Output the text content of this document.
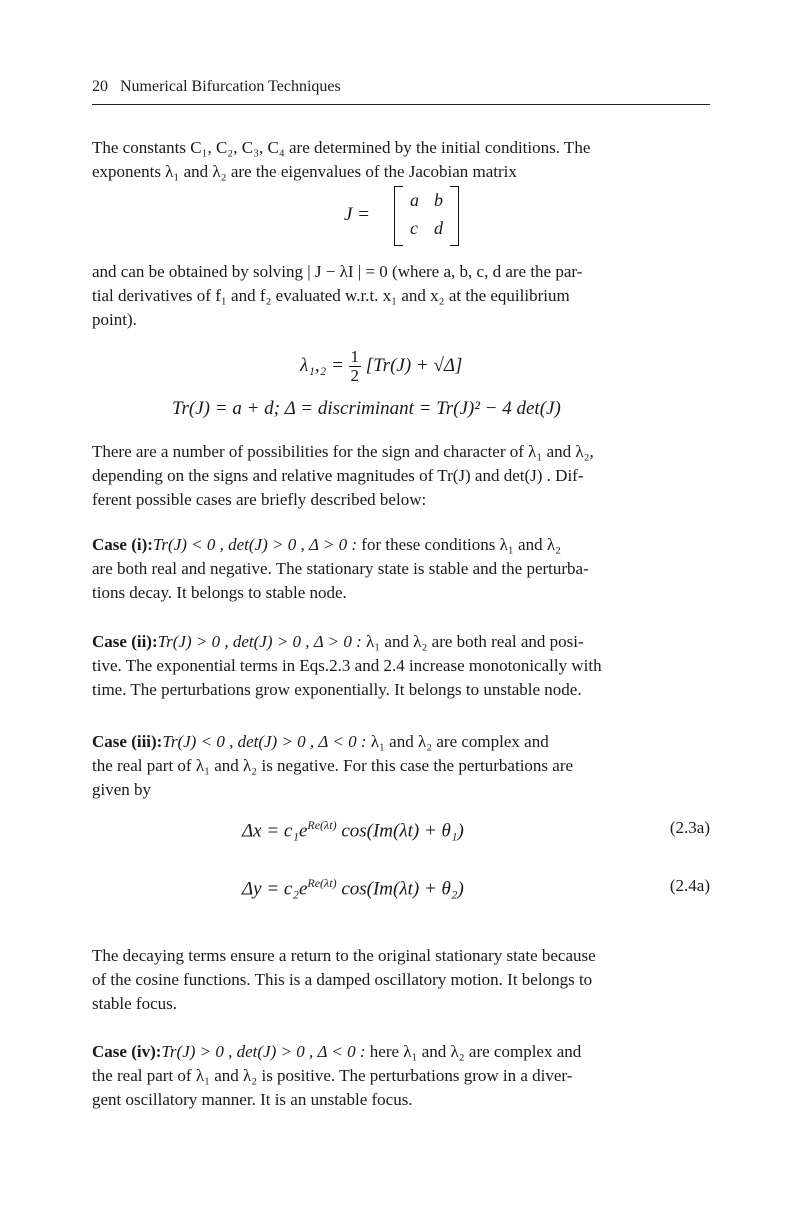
20 Numerical Bifurcation Techniques
The constants C₁, C₂, C₃, C₄ are determined by the initial conditions. The
exponents λ₁ and λ₂ are the eigenvalues of the Jacobian matrix
J =
a b
c d
and can be obtained by solving | J − λI | = 0 (where a, b, c, d are the par-
tial derivatives of f₁ and f₂ evaluated w.r.t. x₁ and x₂ at the equilibrium
point).
$\lambda_1,_2 = \frac{1}{2} [Tr(J) + √\Delta]$
Tr(J) = a + d; Δ = discriminant = Tr(J)² − 4 det(J)
There are a number of possibilities for the sign and character of λ₁ and λ₂,
depending on the signs and relative magnitudes of Tr(J) and det(J) . Dif-
ferent possible cases are briefly described below:
Case (i):Tr(J) < 0 , det(J) > 0 , Δ > 0 : for these conditions λ₁ and λ₂
are both real and negative. The stationary state is stable and the perturba-
tions decay. It belongs to stable node.
Case (ii):Tr(J) > 0 , det(J) > 0 , Δ > 0 : λ₁ and λ₂ are both real and posi-
tive. The exponential terms in Eqs.2.3 and 2.4 increase monotonically with
time. The perturbations grow exponentially. It belongs to unstable node.
Case (iii):Tr(J) < 0 , det(J) > 0 , Δ < 0 : λ₁ and λ₂ are complex and
the real part of λ₁ and λ₂ is negative. For this case the perturbations are
given by
$\Delta x = c_1e^{Re(\lambda t)}$ cos(Im(λt) + θ₁)	(2.3a)
$\Delta y = c_2e^{Re(\lambda t)}$ cos(Im(λt) + θ₂)	(2.4a)
The decaying terms ensure a return to the original stationary state because
of the cosine functions. This is a damped oscillatory motion. It belongs to
stable focus.
Case (iv):Tr(J) > 0 , det(J) > 0 , Δ < 0 : here λ₁ and λ₂ are complex and
the real part of λ₁ and λ₂ is positive. The perturbations grow in a diver-
gent oscillatory manner. It is an unstable focus.
